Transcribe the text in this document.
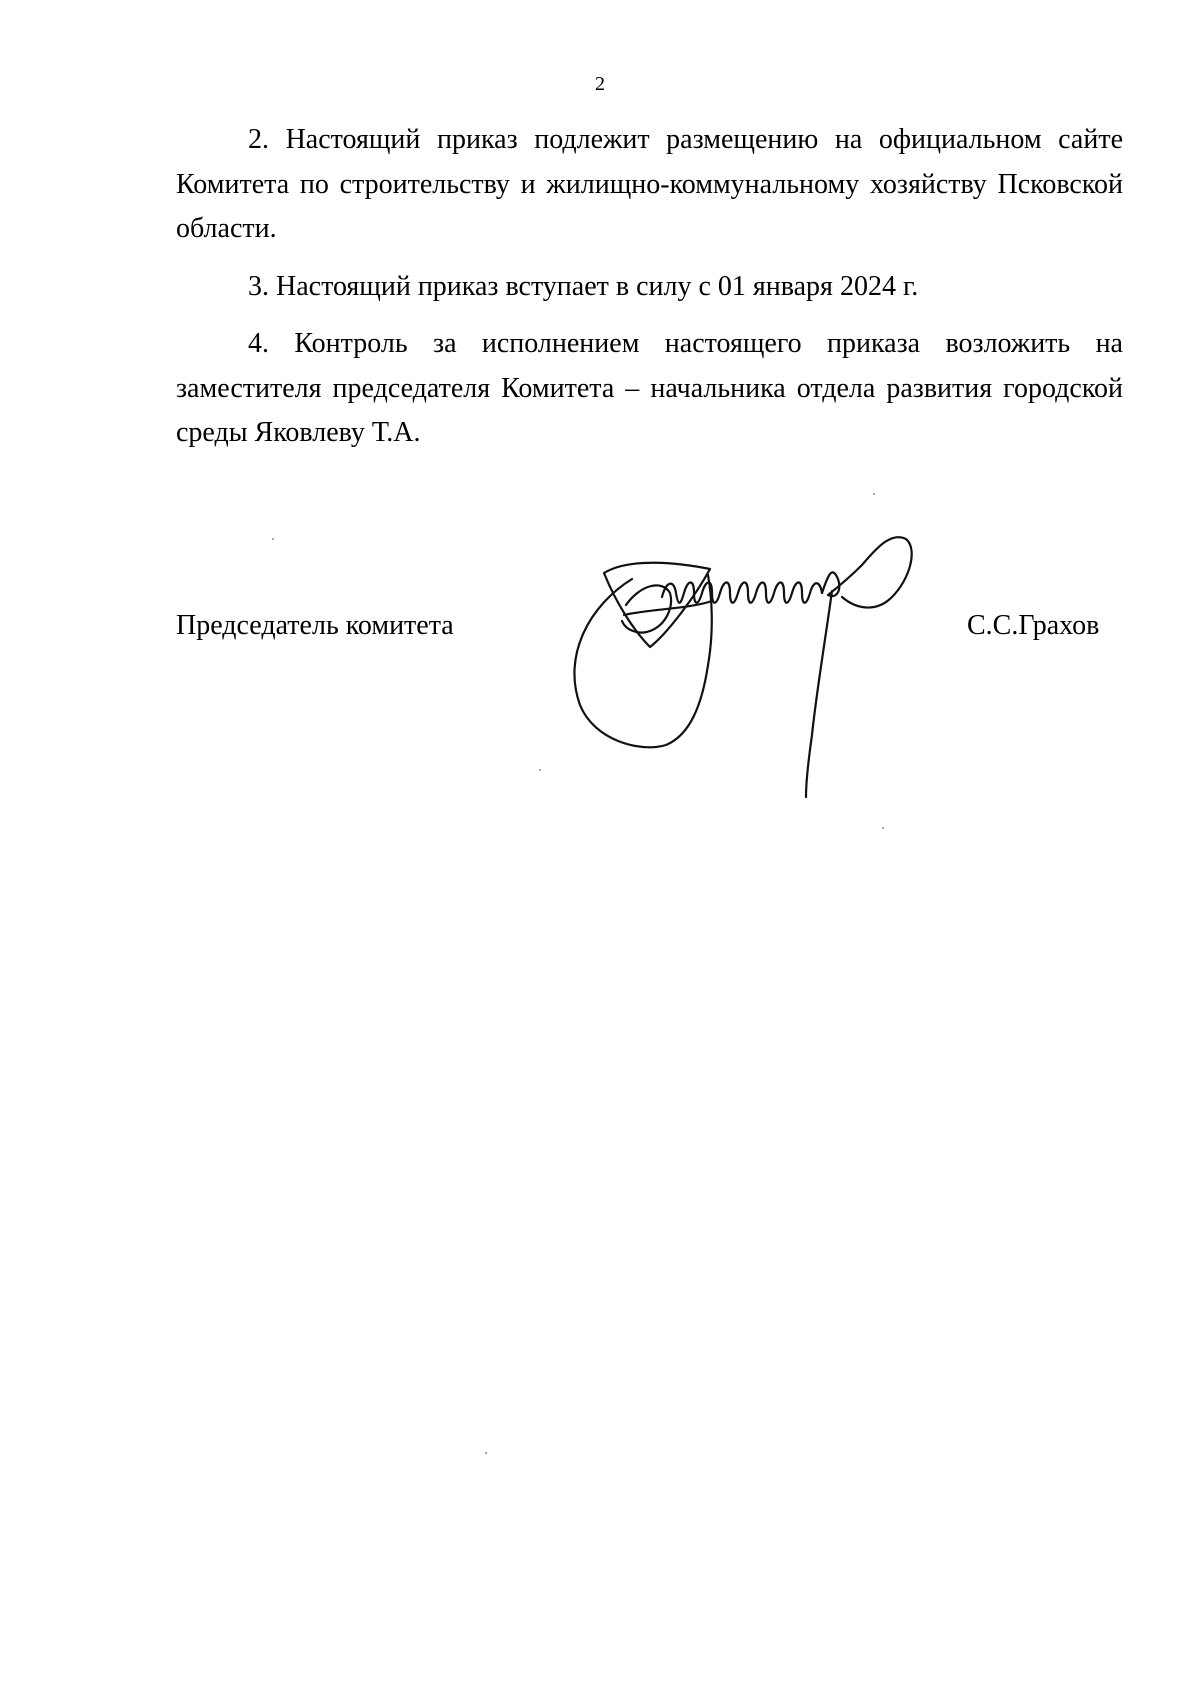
2

2. Настоящий приказ подлежит размещению на официальном сайте Комитета по строительству и жилищно-коммунальному хозяйству Псковской области.

3. Настоящий приказ вступает в силу с 01 января 2024 г.

4. Контроль за исполнением настоящего приказа возложить на заместителя председателя Комитета – начальника отдела развития городской среды Яковлеву Т.А.

Председатель комитета	С.С.Грахов
